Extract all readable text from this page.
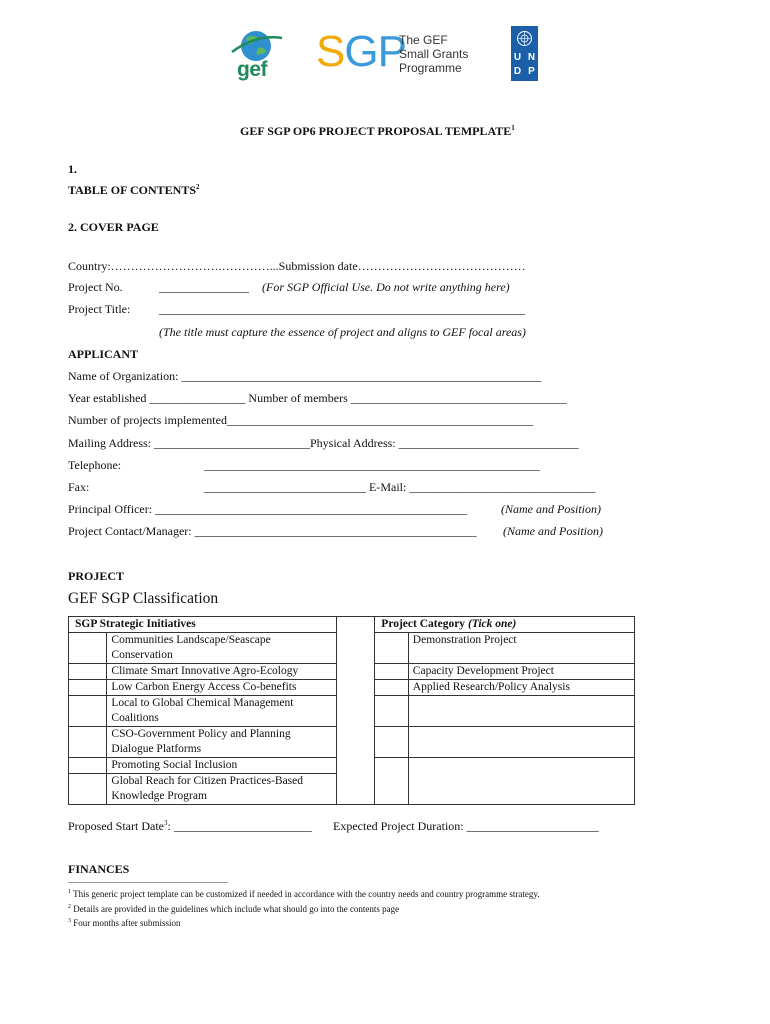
gef SGP
The GEF
Small Grants
Programme
U N
D P
GEF SGP OP6 PROJECT PROPOSAL TEMPLATE$^1$
1.
TABLE OF CONTENTS$^2$
2. COVER PAGE
Country:……………………….…………...Submission date……………………………………
Project No.	_______________ (For SGP Official Use. Do not write anything here)
Project Title: _____________________________________________________________
(The title must capture the essence of project and aligns to GEF focal areas)
APPLICANT
Name of Organization: ____________________________________________________________
Year established ________________ Number of members ____________________________________
Number of projects implemented___________________________________________________
Mailing Address: __________________________Physical Address: ______________________________
Telephone:	________________________________________________________
Fax:	___________________________ E-Mail: _______________________________
Principal Officer: ____________________________________________________	(Name and Position)
Project Contact/Manager: _______________________________________________ (Name and Position)
PROJECT
GEF SGP Classification
SGP Strategic Initiatives			Project Category (Tick one)	
	Communities Landscape/Seascape Conservation			Demonstration Project

	Climate Smart Innovative Agro-Ecology			Capacity Development Project
	Low Carbon Energy Access Co-benefits			Applied Research/Policy Analysis
	Local to Global Chemical Management Coalitions			
	CSO-Government Policy and Planning Dialogue Platforms			
	Promoting Social Inclusion			
	Global Reach for Citizen Practices-Based Knowledge Program			
Proposed Start Date$^3$: _______________________ Expected Project Duration: ______________________
FINANCES
$^1$ This generic project template can be customized if needed in accordance with the country needs and country programme strategy.
$^2$ Details are provided in the guidelines which include what should go into the contents page
$^3$ Four months after submission
